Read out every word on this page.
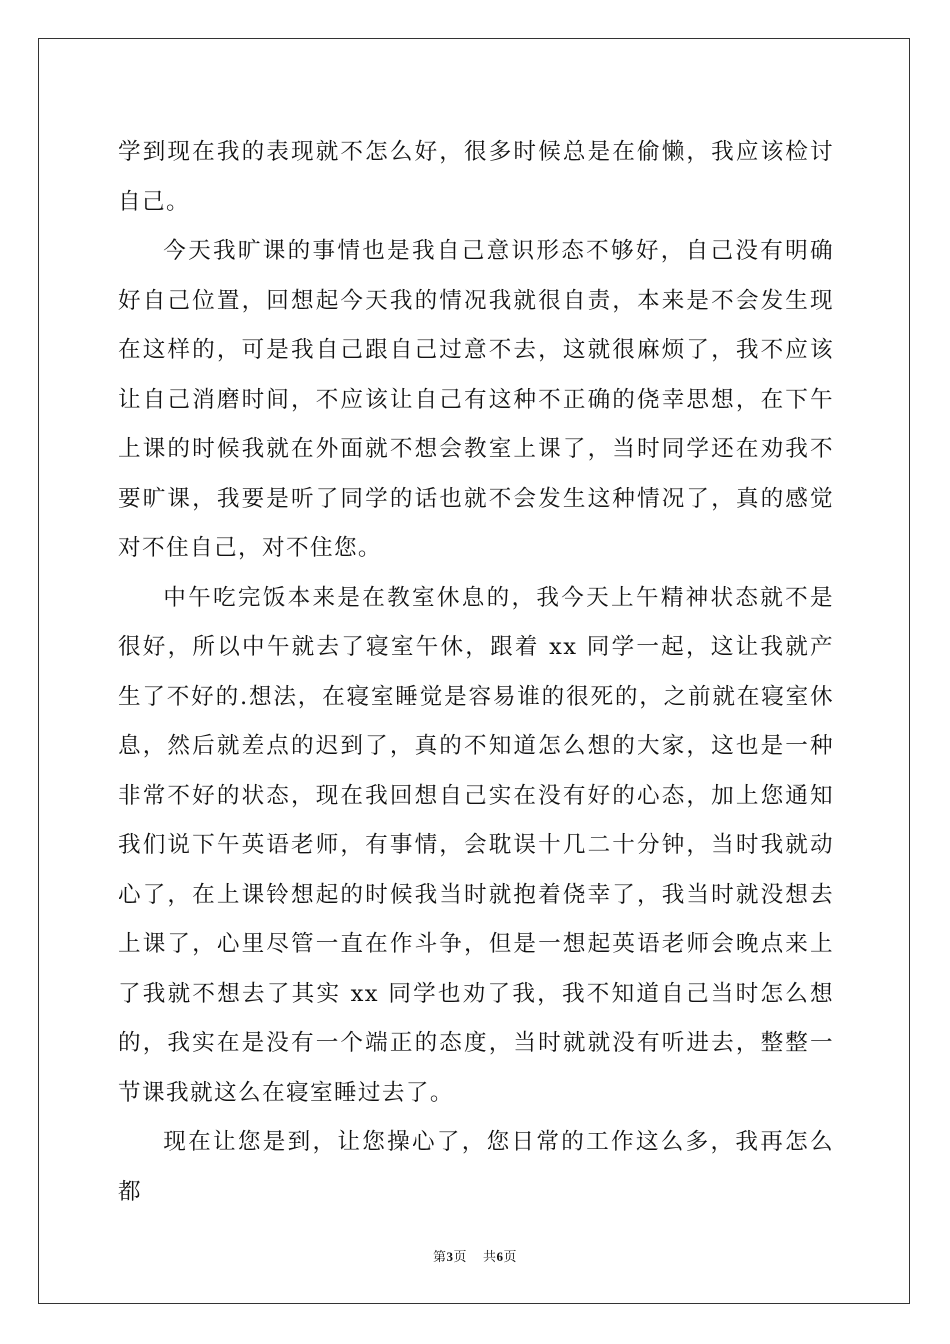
学到现在我的表现就不怎么好，很多时候总是在偷懒，我应该检讨自己。

今天我旷课的事情也是我自己意识形态不够好，自己没有明确好自己位置，回想起今天我的情况我就很自责，本来是不会发生现在这样的，可是我自己跟自己过意不去，这就很麻烦了，我不应该让自己消磨时间，不应该让自己有这种不正确的侥幸思想，在下午上课的时候我就在外面就不想会教室上课了，当时同学还在劝我不要旷课，我要是听了同学的话也就不会发生这种情况了，真的感觉对不住自己，对不住您。

中午吃完饭本来是在教室休息的，我今天上午精神状态就不是很好，所以中午就去了寝室午休，跟着 xx 同学一起，这让我就产生了不好的.想法，在寝室睡觉是容易谁的很死的，之前就在寝室休息，然后就差点的迟到了，真的不知道怎么想的大家，这也是一种非常不好的状态，现在我回想自己实在没有好的心态，加上您通知我们说下午英语老师，有事情，会耽误十几二十分钟，当时我就动心了，在上课铃想起的时候我当时就抱着侥幸了，我当时就没想去上课了，心里尽管一直在作斗争，但是一想起英语老师会晚点来上了我就不想去了其实 xx 同学也劝了我，我不知道自己当时怎么想的，我实在是没有一个端正的态度，当时就就没有听进去，整整一节课我就这么在寝室睡过去了。

现在让您是到，让您操心了，您日常的工作这么多，我再怎么都

第3页 共6页
